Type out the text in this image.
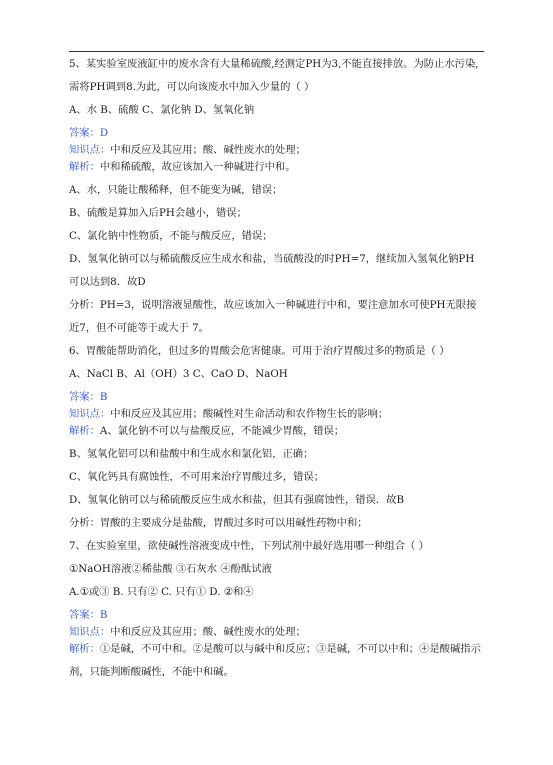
5、某实验室废液缸中的废水含有大量稀硫酸,经测定PH为3,不能直接排放。为防止水污染,
需将PH调到8.为此，可以向该废水中加入少量的（ ）
A、水 B、硫酸 C、氯化钠 D、氢氧化钠
答案：D
知识点：中和反应及其应用；酸、碱性废水的处理；
解析：中和稀硫酸，故应该加入一种碱进行中和。
A、水，只能让酸稀释，但不能变为碱，错误；
B、硫酸是算加入后PH会越小，错误；
C、氯化钠中性物质，不能与酸反应，错误；
D、氢氧化钠可以与稀硫酸反应生成水和盐，当硫酸没的时PH=7，继续加入氢氧化钠PH
可以达到8．故D
分析：PH=3，说明溶液显酸性，故应该加入一种碱进行中和，要注意加水可使PH无限接
近7，但不可能等于或大于 7。
6、胃酸能帮助消化，但过多的胃酸会危害健康。可用于治疗胃酸过多的物质是（ ）
A、NaCl B、Al（OH）3 C、CaO D、NaOH
答案：B
知识点：中和反应及其应用；酸碱性对生命活动和农作物生长的影响；
解析：A、氯化钠不可以与盐酸反应，不能减少胃酸，错误；
B、氢氧化铝可以和盐酸中和生成水和氯化铝，正确；
C、氧化钙具有腐蚀性，不可用来治疗胃酸过多，错误；
D、氢氧化钠可以与稀硫酸反应生成水和盐，但其有强腐蚀性，错误．故B
分析：胃酸的主要成分是盐酸，胃酸过多时可以用碱性药物中和；
7、在实验室里，欲使碱性溶液变成中性，下列试剂中最好选用哪一种组合（ ）
①NaOH溶液②稀盐酸 ③石灰水 ④酚酞试液
A.①或③ B. 只有② C. 只有① D. ②和④
答案：B
知识点：中和反应及其应用；酸、碱性废水的处理；
解析：①是碱，不可中和。②是酸可以与碱中和反应；③是碱，不可以中和；④是酸碱指示
剂，只能判断酸碱性，不能中和碱。
